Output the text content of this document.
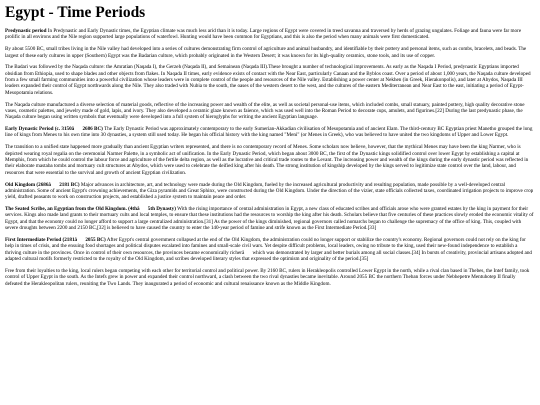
Egypt - Time Periods

Predynastic period In Predynastic and Early Dynastic times, the Egyptian climate was much less arid than it is today. Large regions of Egypt were covered in treed savanna and traversed by herds of grazing ungulates. Foliage and fauna were far more prolific in all environs and the Nile region supported large populations of waterfowl. Hunting would have been common for Egyptians, and this is also the period when many animals were first domesticated.

By about 5500 BC, small tribes living in the Nile valley had developed into a series of cultures demonstrating firm control of agriculture and animal husbandry, and identifiable by their pottery and personal items, such as combs, bracelets, and beads. The largest of these early cultures in upper (Southern) Egypt was the Badarian culture, which probably originated in the Western Desert; it was known for its high-quality ceramics, stone tools, and its use of copper.

The Badari was followed by the Naqada culture: the Amratian (Naqada I), the Gerzeh (Naqada II), and Semainean (Naqada III).These brought a number of technological improvements. As early as the Naqada I Period, predynastic Egyptians imported obsidian from Ethiopia, used to shape blades and other objects from flakes. In Naqada II times, early evidence exists of contact with the Near East, particularly Canaan and the Byblos coast. Over a period of about 1,000 years, the Naqada culture developed from a few small farming communities into a powerful civilization whose leaders were in complete control of the people and resources of the Nile valley. Establishing a power center at Nekhen (in Greek, Hierakonpolis), and later at Abydos, Naqada III leaders expanded their control of Egypt northwards along the Nile. They also traded with Nubia to the south, the oases of the western desert to the west, and the cultures of the eastern Mediterranean and Near East to the east, initiating a period of Egypt-Mesopotamia relations.

The Naqada culture manufactured a diverse selection of material goods, reflective of the increasing power and wealth of the elite, as well as societal personal-use items, which included combs, small statuary, painted pottery, high quality decorative stone vases, cosmetic palettes, and jewelry made of gold, lapis, and ivory. They also developed a ceramic glaze known as faience, which was used well into the Roman Period to decorate cups, amulets, and figurines.[22] During the last predynastic phase, the Naqada culture began using written symbols that eventually were developed into a full system of hieroglyphs for writing the ancient Egyptian language.

Early Dynastic Period (c. 3150â2686 BC) The Early Dynastic Period was approximately contemporary to the early Sumerian-Akkadian civilisation of Mesopotamia and of ancient Elam. The third-century BC Egyptian priest Manetho grouped the long line of kings from Menes to his own time into 30 dynasties, a system still used today. He began his official history with the king named "Meni" (or Menes in Greek), who was believed to have united the two kingdoms of Upper and Lower Egypt.

The transition to a unified state happened more gradually than ancient Egyptian writers represented, and there is no contemporary record of Menes. Some scholars now believe, however, that the mythical Menes may have been the king Narmer, who is depicted wearing royal regalia on the ceremonial Narmer Palette, in a symbolic act of unification. In the Early Dynastic Period, which began about 3000 BC, the first of the Dynastic kings solidified control over lower Egypt by establishing a capital at Memphis, from which he could control the labour force and agriculture of the fertile delta region, as well as the lucrative and critical trade routes to the Levant. The increasing power and wealth of the kings during the early dynastic period was reflected in their elaborate mastaba tombs and mortuary cult structures at Abydos, which were used to celebrate the deified king after his death. The strong institution of kingship developed by the kings served to legitimize state control over the land, labour, and resources that were essential to the survival and growth of ancient Egyptian civilization.

Old Kingdom (2686â2181 BC) Major advances in architecture, art, and technology were made during the Old Kingdom, fueled by the increased agricultural productivity and resulting population, made possible by a well-developed central administration. Some of ancient Egypt's crowning achievements, the Giza pyramids and Great Sphinx, were constructed during the Old Kingdom. Under the direction of the vizier, state officials collected taxes, coordinated irrigation projects to improve crop yield, drafted peasants to work on construction projects, and established a justice system to maintain peace and order.

The Seated Scribe, an Egyptian from the Old Kingdom. (4thâ5th Dynasty) With the rising importance of central administration in Egypt, a new class of educated scribes and officials arose who were granted estates by the king in payment for their services. Kings also made land grants to their mortuary cults and local temples, to ensure that these institutions had the resources to worship the king after his death. Scholars believe that five centuries of these practices slowly eroded the economic vitality of Egypt, and that the economy could no longer afford to support a large centralized administration.[31] As the power of the kings diminished, regional governors called nomarchs began to challenge the supremacy of the office of king. This, coupled with severe droughts between 2200 and 2150 BC,[32] is believed to have caused the country to enter the 140-year period of famine and strife known as the First Intermediate Period.[33]

First Intermediate Period (2181â2055 BC) After Egypt's central government collapsed at the end of the Old Kingdom, the administration could no longer support or stabilize the country's economy. Regional governors could not rely on the king for help in times of crisis, and the ensuing food shortages and political disputes escalated into famines and small-scale civil wars. Yet despite difficult problems, local leaders, owing no tribute to the king, used their new-found independence to establish a thriving culture in the provinces. Once in control of their own resources, the provinces became economically richerâwhich was demonstrated by larger and better burials among all social classes.[34] In bursts of creativity, provincial artisans adopted and adapted cultural motifs formerly restricted to the royalty of the Old Kingdom, and scribes developed literary styles that expressed the optimism and originality of the period.[35]

Free from their loyalties to the king, local rulers began competing with each other for territorial control and political power. By 2160 BC, rulers in Herakleopolis controlled Lower Egypt in the north, while a rival clan based in Thebes, the Intef family, took control of Upper Egypt in the south. As the Intefs grew in power and expanded their control northward, a clash between the two rival dynasties became inevitable. Around 2055 BC the northern Theban forces under Nebhepetre Mentuhotep II finally defeated the Herakleopolitan rulers, reuniting the Two Lands. They inaugurated a period of economic and cultural renaissance known as the Middle Kingdom.
